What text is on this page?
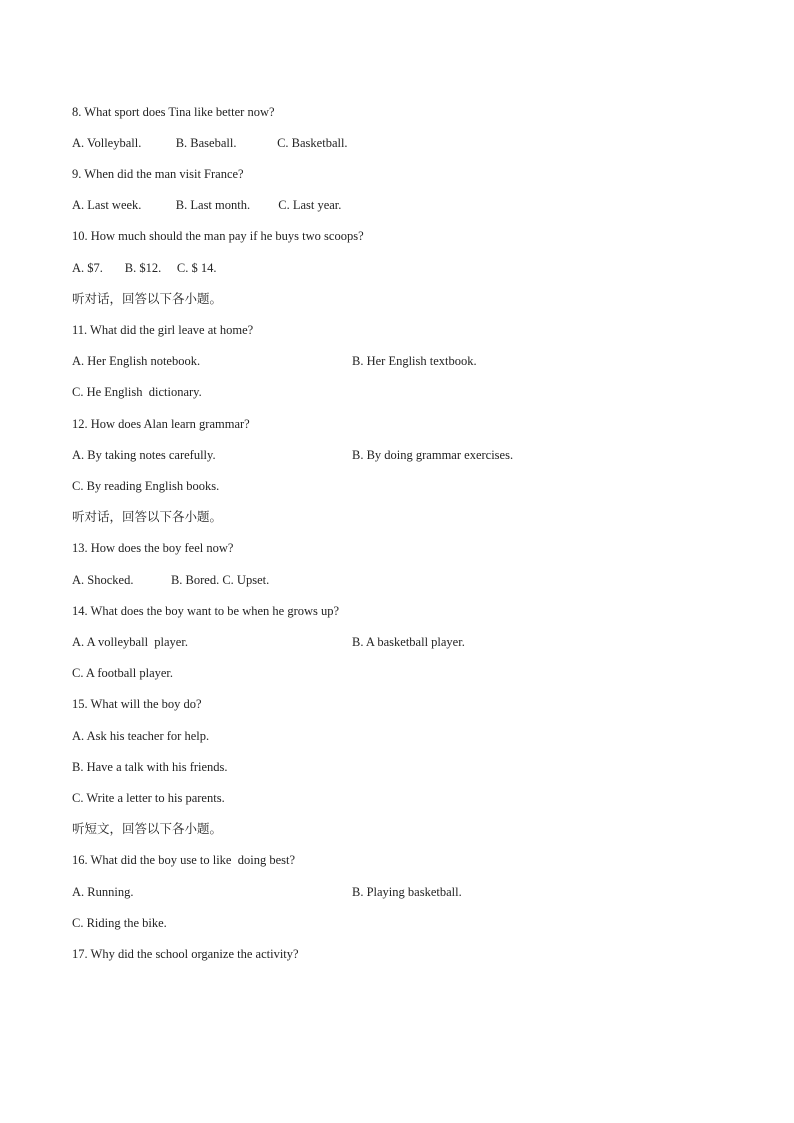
8. What sport does Tina like better now?
A. Volleyball.           B. Baseball.             C. Basketball.
9. When did the man visit France?
A. Last week.           B. Last month.         C. Last year.
10. How much should the man pay if he buys two scoops?
A. $7.       B. $12.     C. $ 14.
听对话，回答以下各小题。
11. What did the girl leave at home?
A. Her English notebook.	B. Her English textbook.
C. He English  dictionary.
12. How does Alan learn grammar?
A. By taking notes carefully.	B. By doing grammar exercises.
C. By reading English books.
听对话，回答以下各小题。
13. How does the boy feel now?
A. Shocked.            B. Bored. C. Upset.
14. What does the boy want to be when he grows up?
A. A volleyball  player.	B. A basketball player.
C. A football player.
15. What will the boy do?
A. Ask his teacher for help.
B. Have a talk with his friends.
C. Write a letter to his parents.
听短文，回答以下各小题。
16. What did the boy use to like  doing best?
A. Running.	B. Playing basketball.
C. Riding the bike.
17. Why did the school organize the activity?
